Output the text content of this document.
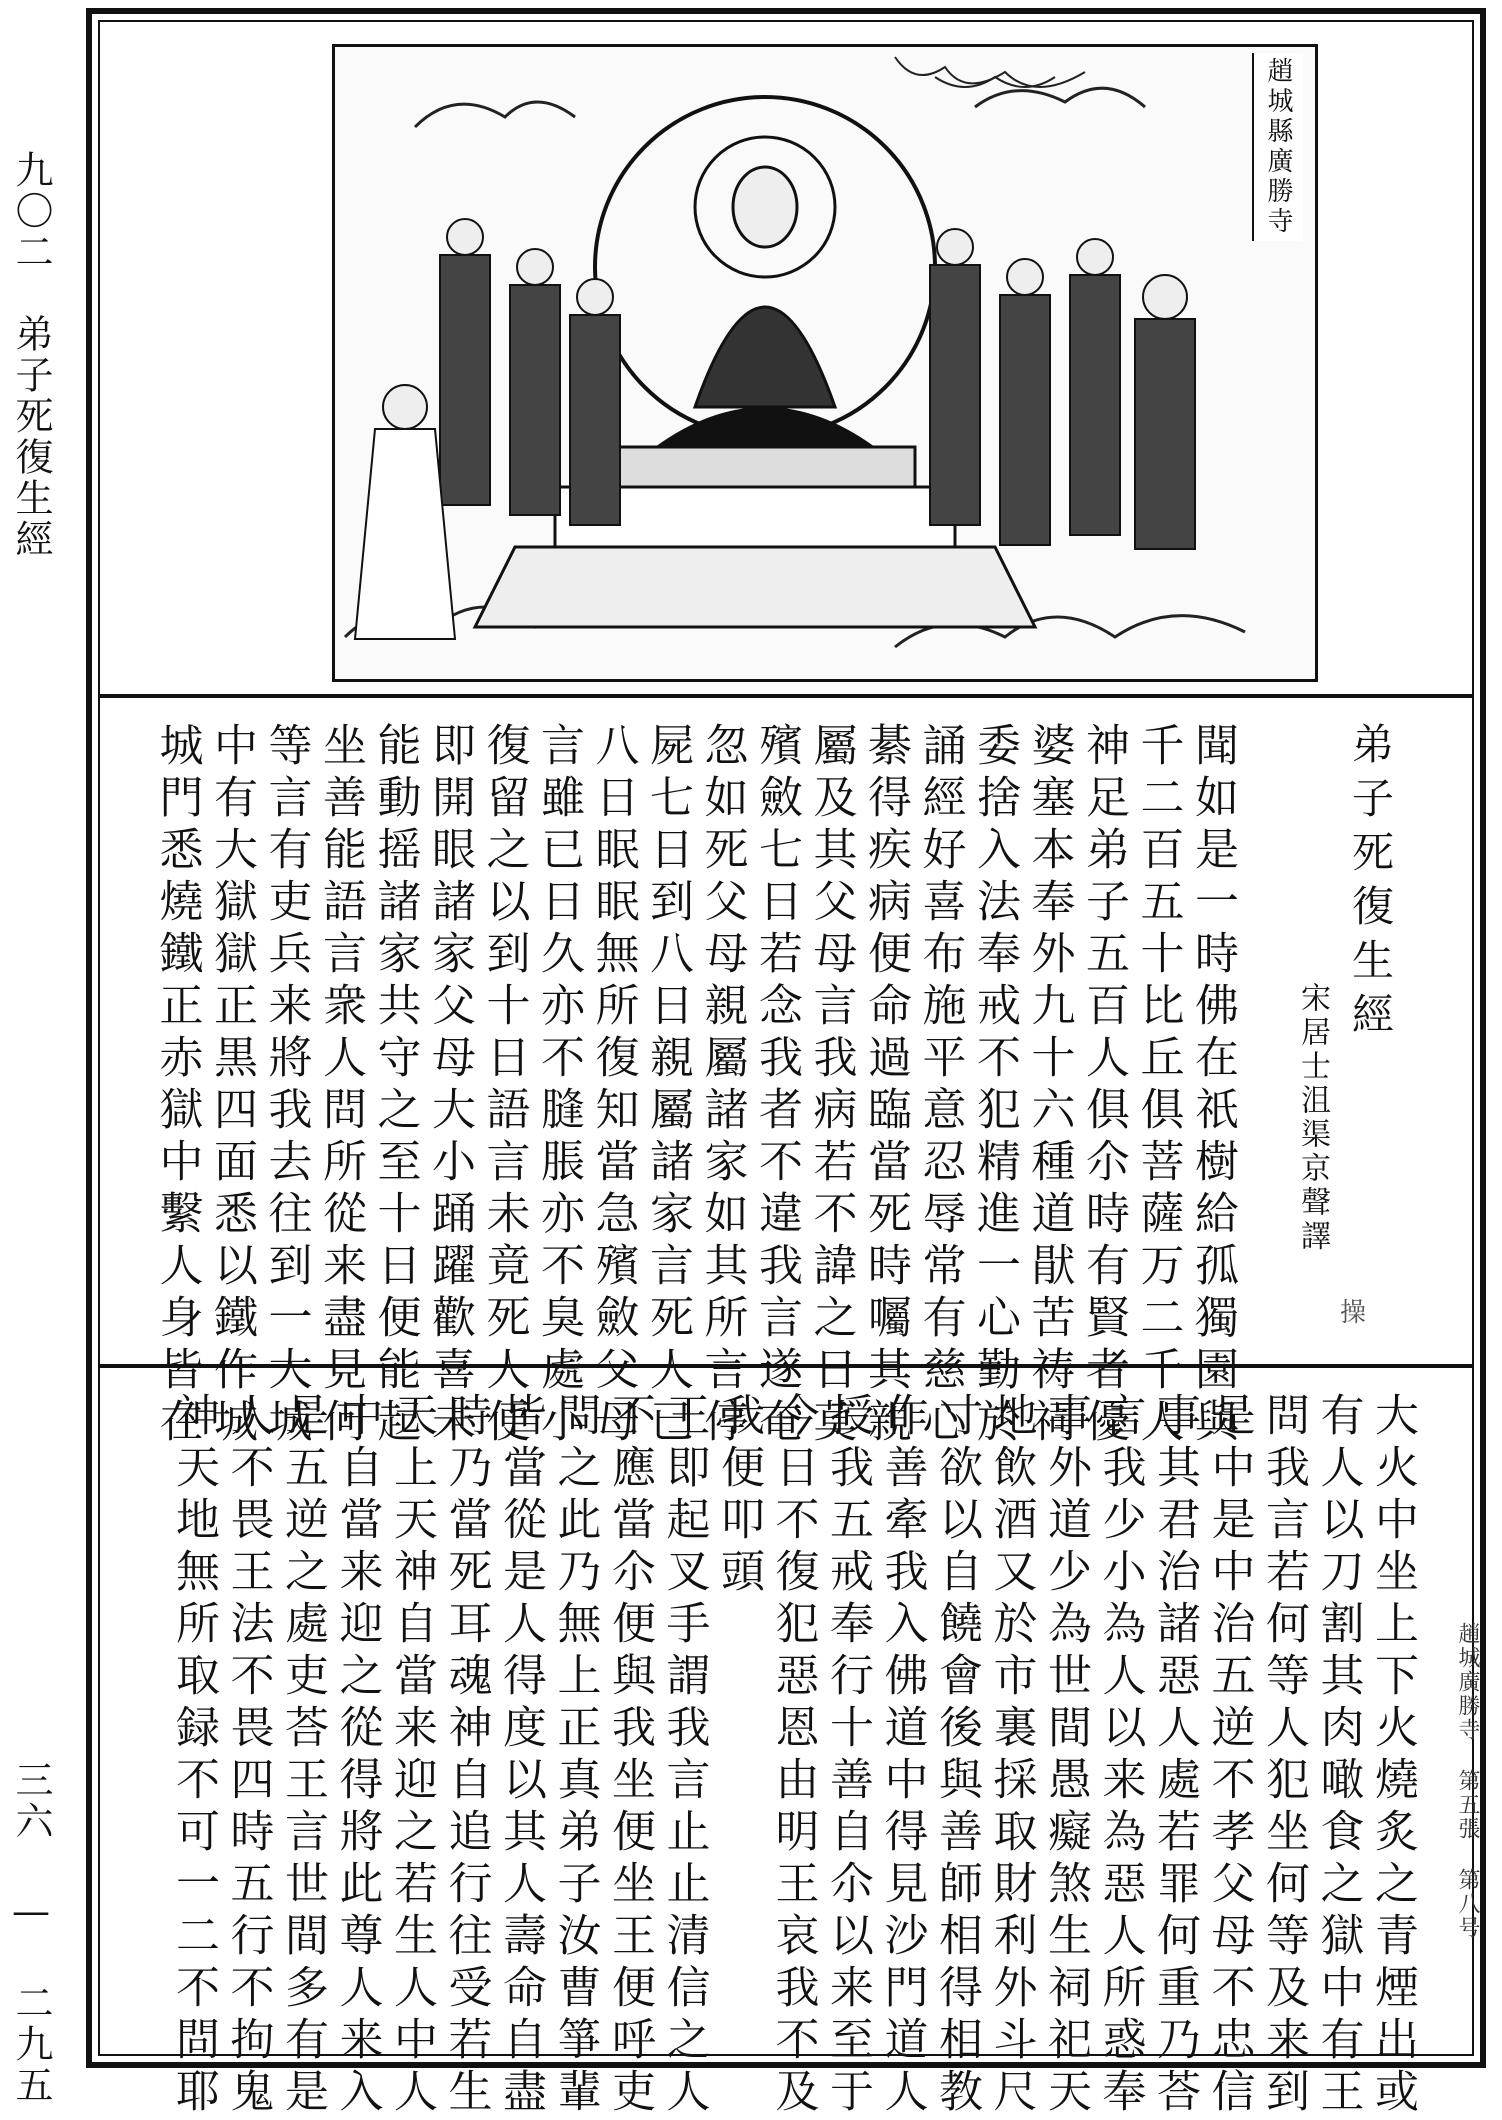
九〇二　弟子死復生經
三六 — 二九五
趙城縣廣勝寺
聞如是一時佛在祇樹給孤獨園與
千二百五十比丘俱菩薩万二千人
神足弟子五百人俱尒時有賢者優
婆塞本奉外九十六種道猒苦祷祠
委捨入法奉戒不犯精進一心勤於
誦經好喜布施平意忍辱常有慈心
綦得疾病便命過臨當死時囑其親
屬及其父母言我病若不諱之日莫
殯斂七日若念我者不違我言遂奄
忽如死父母親屬諸家如其所言停
屍七日到八日親屬諸家言死人已
八日眠眠無所復知當急殯斂父母
言雖已日久亦不膖脹亦不臭處小
復留之以到十日語言未竟死人便
即開眼諸家父母大小踊躍歡喜未
能動摇諸家共守之至十日便能起
坐善能語言衆人問所從来盡見何
等言有吏兵来將我去往到一大城
中有大獄獄正黒四面悉以鐵作城
城門悉燒鐵正赤獄中繫人身皆在	弟子死復生經
宋居士沮渠京聲譯
操
大火中坐上下火燒炙之青煙出或
有人以刀割其肉噉食之獄中有王
問我言若何等人犯坐何等及来到
是中是中治五逆不孝父母不忠信
事其君治諸惡人處若罪何重乃荅
言我少小為人以来為惡人所惑奉
事外道少為世間愚癡煞生祠祀天
地飲酒又於市裏採取財利外斗尺
寸欲以自饒會後與善師相得相教
作善牽我入佛道中得見沙門道人
授我五戒奉行十善自尒以来至于
今日不復犯惡恩由明王哀我不及
我便叩頭
王即起叉手謂我言止止清信之人
不應當尒便與我坐便坐王便呼吏
問之此乃無上正真弟子汝曹箏輩
皆當從是人得度以其人壽命自盡
時乃當死耳魂神自追行往受若生
天上天神自當来迎之若生人中人
中自當来迎之從得將此尊人来入
是五逆之處吏荅王言世間多有是
人不畏王法不畏四時五行不拘鬼
神天地無所取録不可一二不問耶	趙城廣勝寺 第五張 第八号
